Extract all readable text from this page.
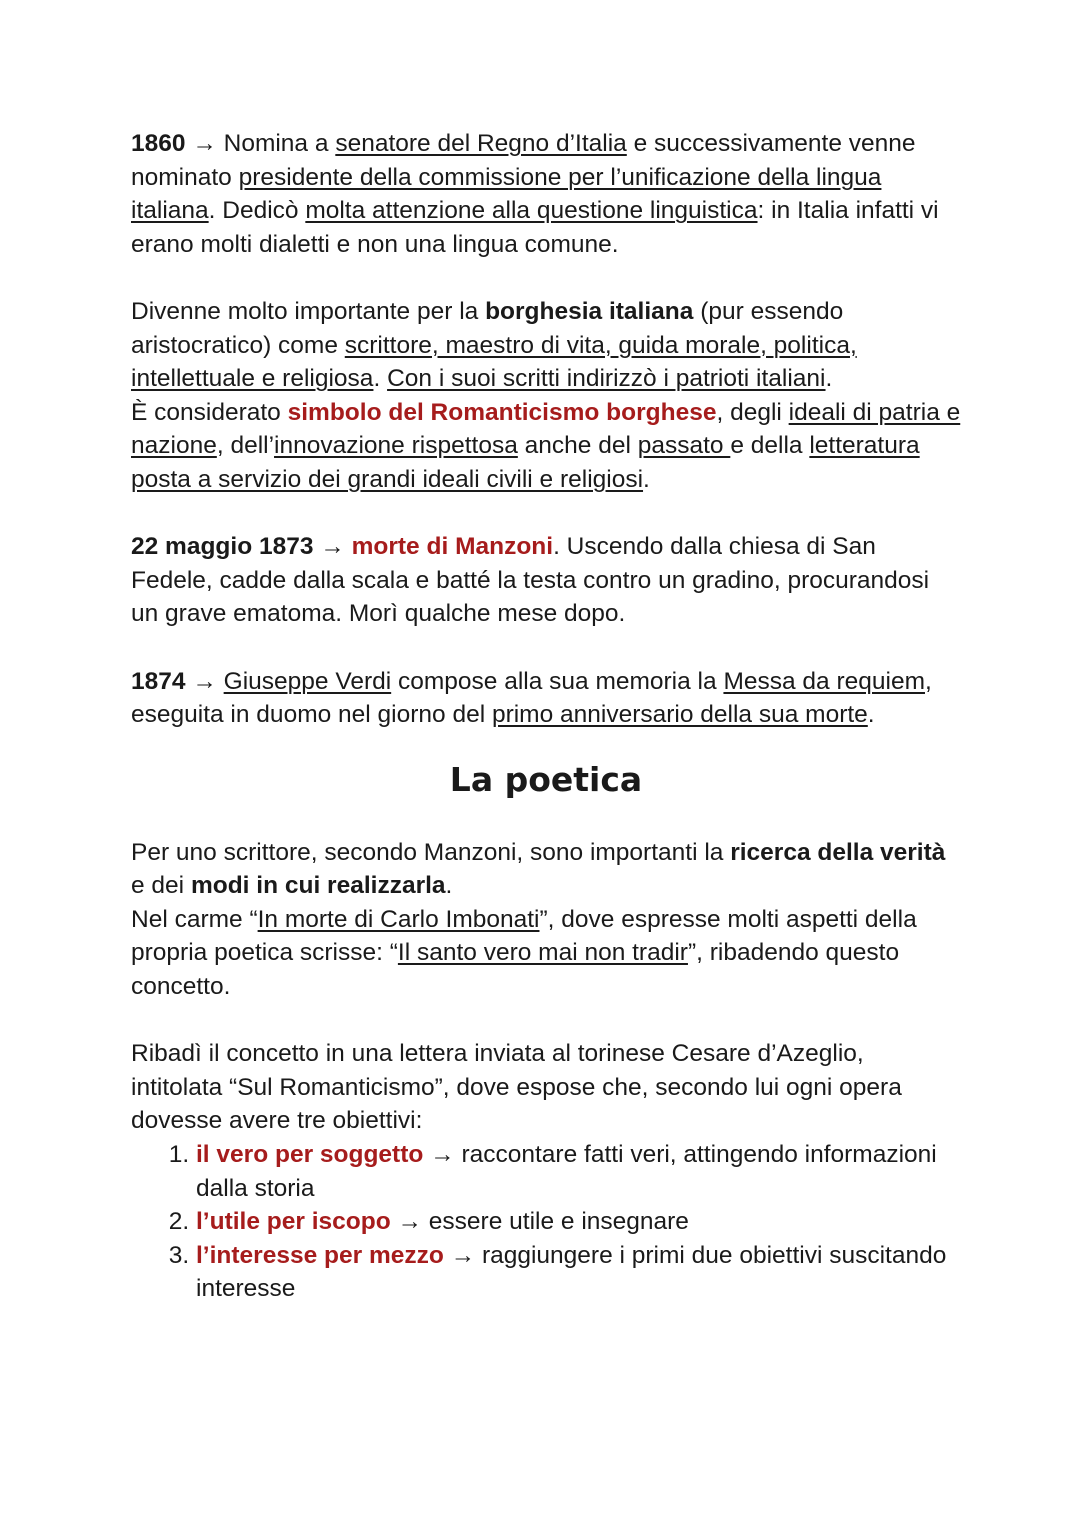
1860 → Nomina a senatore del Regno d’Italia e successivamente venne nominato presidente della commissione per l’unificazione della lingua italiana. Dedicò molta attenzione alla questione linguistica: in Italia infatti vi erano molti dialetti e non una lingua comune.

Divenne molto importante per la borghesia italiana (pur essendo aristocratico) come scrittore, maestro di vita, guida morale, politica, intellettuale e religiosa. Con i suoi scritti indirizzò i patrioti italiani.

È considerato simbolo del Romanticismo borghese, degli ideali di patria e nazione, dell’innovazione rispettosa anche del passato e della letteratura posta a servizio dei grandi ideali civili e religiosi.

22 maggio 1873 → morte di Manzoni. Uscendo dalla chiesa di San Fedele, cadde dalla scala e batté la testa contro un gradino, procurandosi un grave ematoma. Morì qualche mese dopo.

1874 → Giuseppe Verdi compose alla sua memoria la Messa da requiem, eseguita in duomo nel giorno del primo anniversario della sua morte.

La poetica

Per uno scrittore, secondo Manzoni, sono importanti la ricerca della verità e dei modi in cui realizzarla.

Nel carme “In morte di Carlo Imbonati”, dove espresse molti aspetti della propria poetica scrisse: “Il santo vero mai non tradir”, ribadendo questo concetto.

Ribadì il concetto in una lettera inviata al torinese Cesare d’Azeglio, intitolata “Sul Romanticismo”, dove espose che, secondo lui ogni opera dovesse avere tre obiettivi:

1. il vero per soggetto → raccontare fatti veri, attingendo informazioni dalla storia
2. l’utile per iscopo → essere utile e insegnare
3. l’interesse per mezzo → raggiungere i primi due obiettivi suscitando interesse
